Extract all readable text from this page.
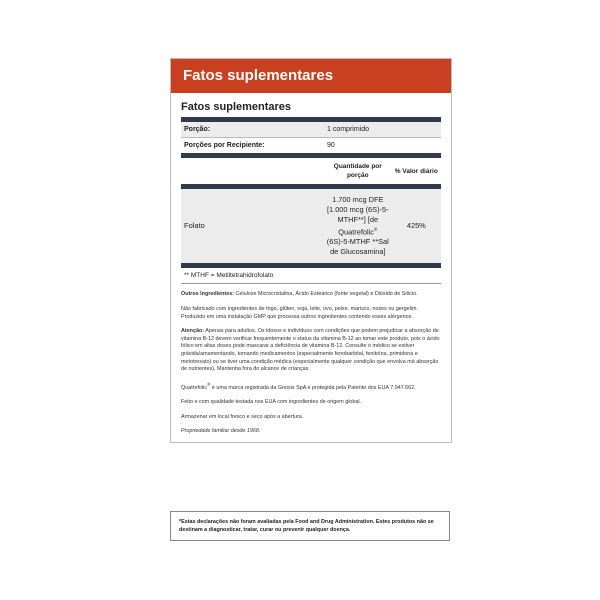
Fatos suplementares
Fatos suplementares
Porção:	1 comprimido
Porções por Recipiente:	90
	Quantidade por porção	% Valor diário
Folato	1.700 mcg DFE [1.000 mcg (6S)-5-MTHF**] [de Quatrefolic® (6S)-5-MTHF **Sal de Glucosamina]	425%
** MTHF = Metiltetrahidrofolato

Outros Ingredientes: Celulose Microcristalina, Ácido Esteárico (fonte vegetal) e Dióxido de Silício.

Não fabricado com ingredientes de trigo, glúten, soja, leite, ovo, peixe, marisco, nozes ou gergelim. Produzido em uma instalação GMP que processa outros ingredientes contendo esses alérgenos.

Atenção: Apenas para adultos. Os idosos e indivíduos com condições que podem prejudicar a absorção de vitamina B-12 devem verificar frequentemente o status da vitamina B-12 ao tomar este produto, pois o ácido fólico em altas doses pode mascarar a deficiência de vitamina B-12. Consulte o médico se estiver grávida/amamentando, tomando medicamentos (especialmente fenobarbital, fenitoína, primidona e metotrexato) ou se tiver uma condição médica (especialmente qualquer condição que envolva má absorção de nutrientes). Mantenha fora do alcance de crianças.

Quatrefolic® é uma marca registrada da Gnosis SpA e protegida pela Patente dos EUA 7.947.662.

Feito e com qualidade testada nos EUA com ingredientes de origem global.

Armazenar em local fresco e seco após a abertura.

Propriedade familiar desde 1968.

*Estas declarações não foram avaliadas pela Food and Drug Administration. Estes produtos não se destinam a diagnosticar, tratar, curar ou prevenir qualquer doença.
